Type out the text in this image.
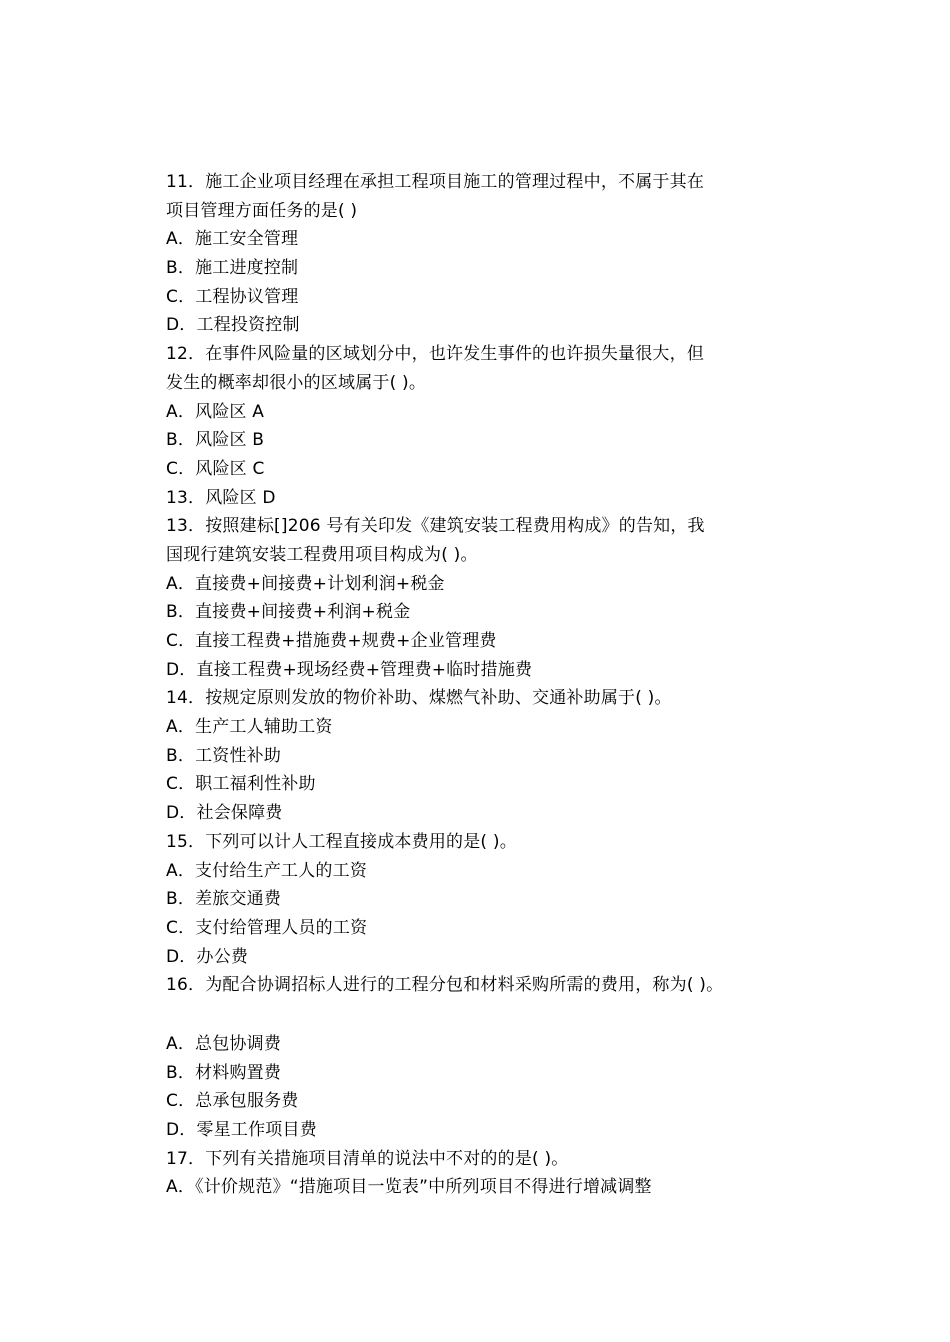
11．施工企业项目经理在承担工程项目施工的管理过程中，不属于其在
项目管理方面任务的是( )
A．施工安全管理
B．施工进度控制
C．工程协议管理
D．工程投资控制
12．在事件风险量的区域划分中，也许发生事件的也许损失量很大，但
发生的概率却很小的区域属于( )。
A．风险区 A
B．风险区 B
C．风险区 C
13．风险区 D
13．按照建标[]206 号有关印发《建筑安装工程费用构成》的告知，我
国现行建筑安装工程费用项目构成为( )。
A．直接费+间接费+计划利润+税金
B．直接费+间接费+利润+税金
C．直接工程费+措施费+规费+企业管理费
D．直接工程费+现场经费+管理费+临时措施费
14．按规定原则发放的物价补助、煤燃气补助、交通补助属于( )。
A．生产工人辅助工资
B．工资性补助
C．职工福利性补助
D．社会保障费
15．下列可以计人工程直接成本费用的是( )。
A．支付给生产工人的工资
B．差旅交通费
C．支付给管理人员的工资
D．办公费
16．为配合协调招标人进行的工程分包和材料采购所需的费用，称为( )。
A．总包协调费
B．材料购置费
C．总承包服务费
D．零星工作项目费
17．下列有关措施项目清单的说法中不对的的是( )。
A．《计价规范》“措施项目一览表”中所列项目不得进行增减调整
